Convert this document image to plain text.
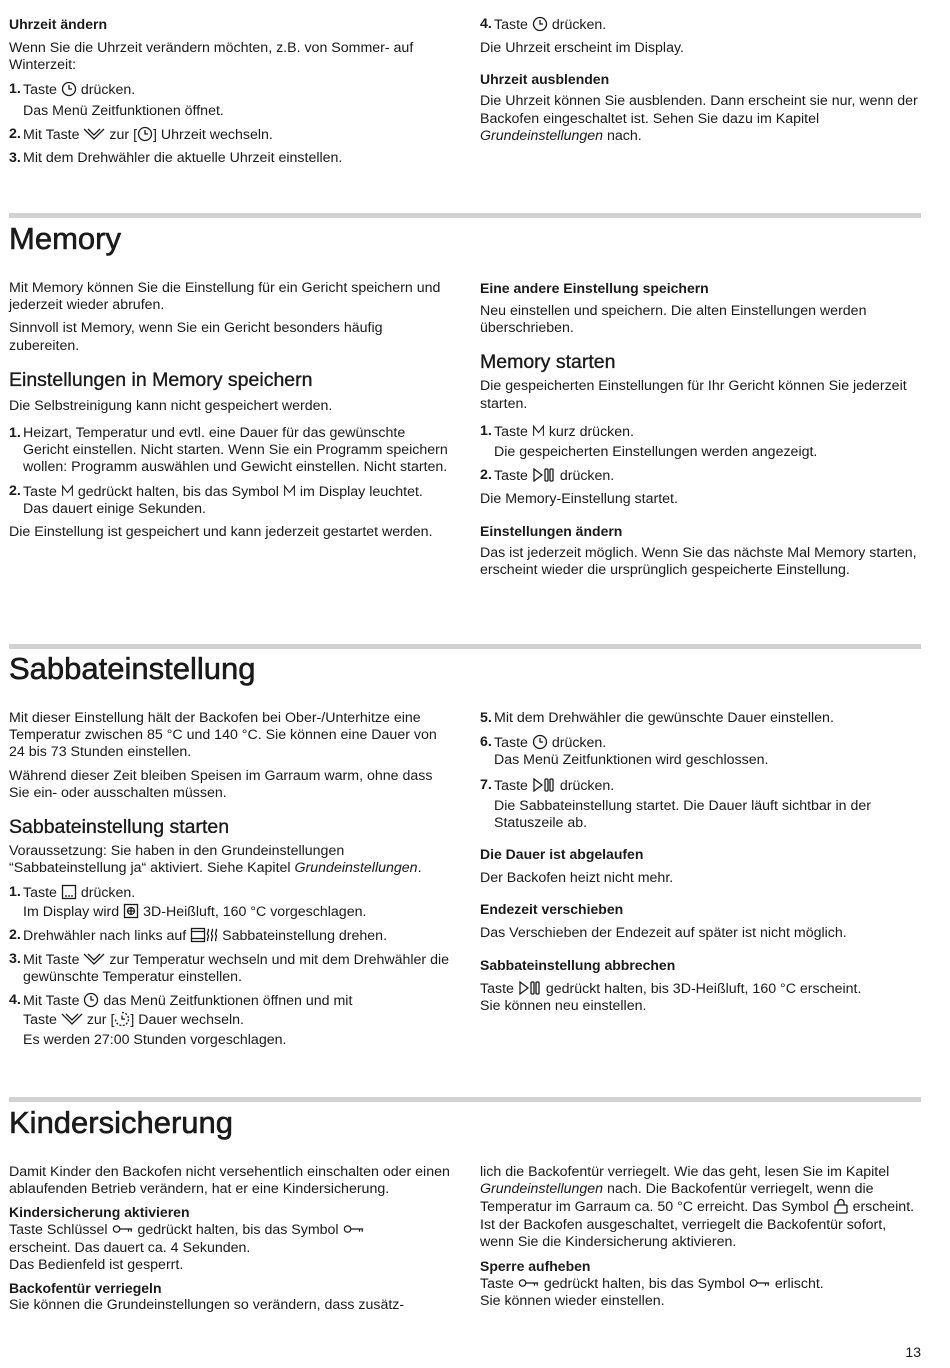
Uhrzeit ändern

Wenn Sie die Uhrzeit verändern möchten, z.B. von Sommer- auf Winterzeit:

1. Taste drücken.

Das Menü Zeitfunktionen öffnet.

2. Mit Taste zur [ ] Uhrzeit wechseln.
3. Mit dem Drehwähler die aktuelle Uhrzeit einstellen.
4. Taste drücken.

Die Uhrzeit erscheint im Display.

Uhrzeit ausblenden

Die Uhrzeit können Sie ausblenden. Dann erscheint sie nur, wenn der Backofen eingeschaltet ist. Sehen Sie dazu im Kapitel Grundeinstellungen nach.

Memory

Mit Memory können Sie die Einstellung für ein Gericht speichern und jederzeit wieder abrufen.

Sinnvoll ist Memory, wenn Sie ein Gericht besonders häufig zubereiten.

Einstellungen in Memory speichern

Die Selbstreinigung kann nicht gespeichert werden.

1. Heizart, Temperatur und evtl. eine Dauer für das gewünschte Gericht einstellen. Nicht starten. Wenn Sie ein Programm speichern wollen: Programm auswählen und Gewicht einstellen. Nicht starten.
2. Taste gedrückt halten, bis das Symbol im Display leuchtet. Das dauert einige Sekunden.

Die Einstellung ist gespeichert und kann jederzeit gestartet werden.

Eine andere Einstellung speichern

Neu einstellen und speichern. Die alten Einstellungen werden überschrieben.

Memory starten

Die gespeicherten Einstellungen für Ihr Gericht können Sie jederzeit starten.

1. Taste kurz drücken.

Die gespeicherten Einstellungen werden angezeigt.

2. Taste drücken.

Die Memory-Einstellung startet.

Einstellungen ändern

Das ist jederzeit möglich. Wenn Sie das nächste Mal Memory starten, erscheint wieder die ursprünglich gespeicherte Einstellung.

Sabbateinstellung

Mit dieser Einstellung hält der Backofen bei Ober-/Unterhitze eine Temperatur zwischen 85 °C und 140 °C. Sie können eine Dauer von 24 bis 73 Stunden einstellen.

Während dieser Zeit bleiben Speisen im Garraum warm, ohne dass Sie ein- oder ausschalten müssen.

Sabbateinstellung starten

Voraussetzung: Sie haben in den Grundeinstellungen “Sabbateinstellung ja“ aktiviert. Siehe Kapitel Grundeinstellungen.

1. Taste drücken.

Im Display wird 3D-Heißluft, 160 °C vorgeschlagen.

2. Drehwähler nach links auf	Sabbateinstellung drehen.
3. Mit Taste zur Temperatur wechseln und mit dem Drehwähler die gewünschte Temperatur einstellen.
4. Mit Taste das Menü Zeitfunktionen öffnen und mit
Taste zur [ ] Dauer wechseln.

Es werden 27:00 Stunden vorgeschlagen.

5. Mit dem Drehwähler die gewünschte Dauer einstellen.
6. Taste drücken.

Das Menü Zeitfunktionen wird geschlossen.

7. Taste drücken.

Die Sabbateinstellung startet. Die Dauer läuft sichtbar in der Statuszeile ab.

Die Dauer ist abgelaufen

Der Backofen heizt nicht mehr.

Endezeit verschieben

Das Verschieben der Endezeit auf später ist nicht möglich.

Sabbateinstellung abbrechen

Taste gedrückt halten, bis 3D-Heißluft, 160 °C erscheint.

Sie können neu einstellen.

Kindersicherung

Damit Kinder den Backofen nicht versehentlich einschalten oder einen ablaufenden Betrieb verändern, hat er eine Kindersicherung.

Kindersicherung aktivieren

Taste Schlüssel gedrückt halten, bis das Symbol
erscheint. Das dauert ca. 4 Sekunden.

Das Bedienfeld ist gesperrt.

Backofentür verriegeln

Sie können die Grundeinstellungen so verändern, dass zusätz-

lich die Backofentür verriegelt. Wie das geht, lesen Sie im Kapitel Grundeinstellungen nach. Die Backofentür verriegelt, wenn die Temperatur im Garraum ca. 50 °C erreicht. Das Symbol erscheint. Ist der Backofen ausgeschaltet, verriegelt die Backofentür sofort, wenn Sie die Kindersicherung aktivieren.

Sperre aufheben

Taste gedrückt halten, bis das Symbol erlischt.

Sie können wieder einstellen.

13
